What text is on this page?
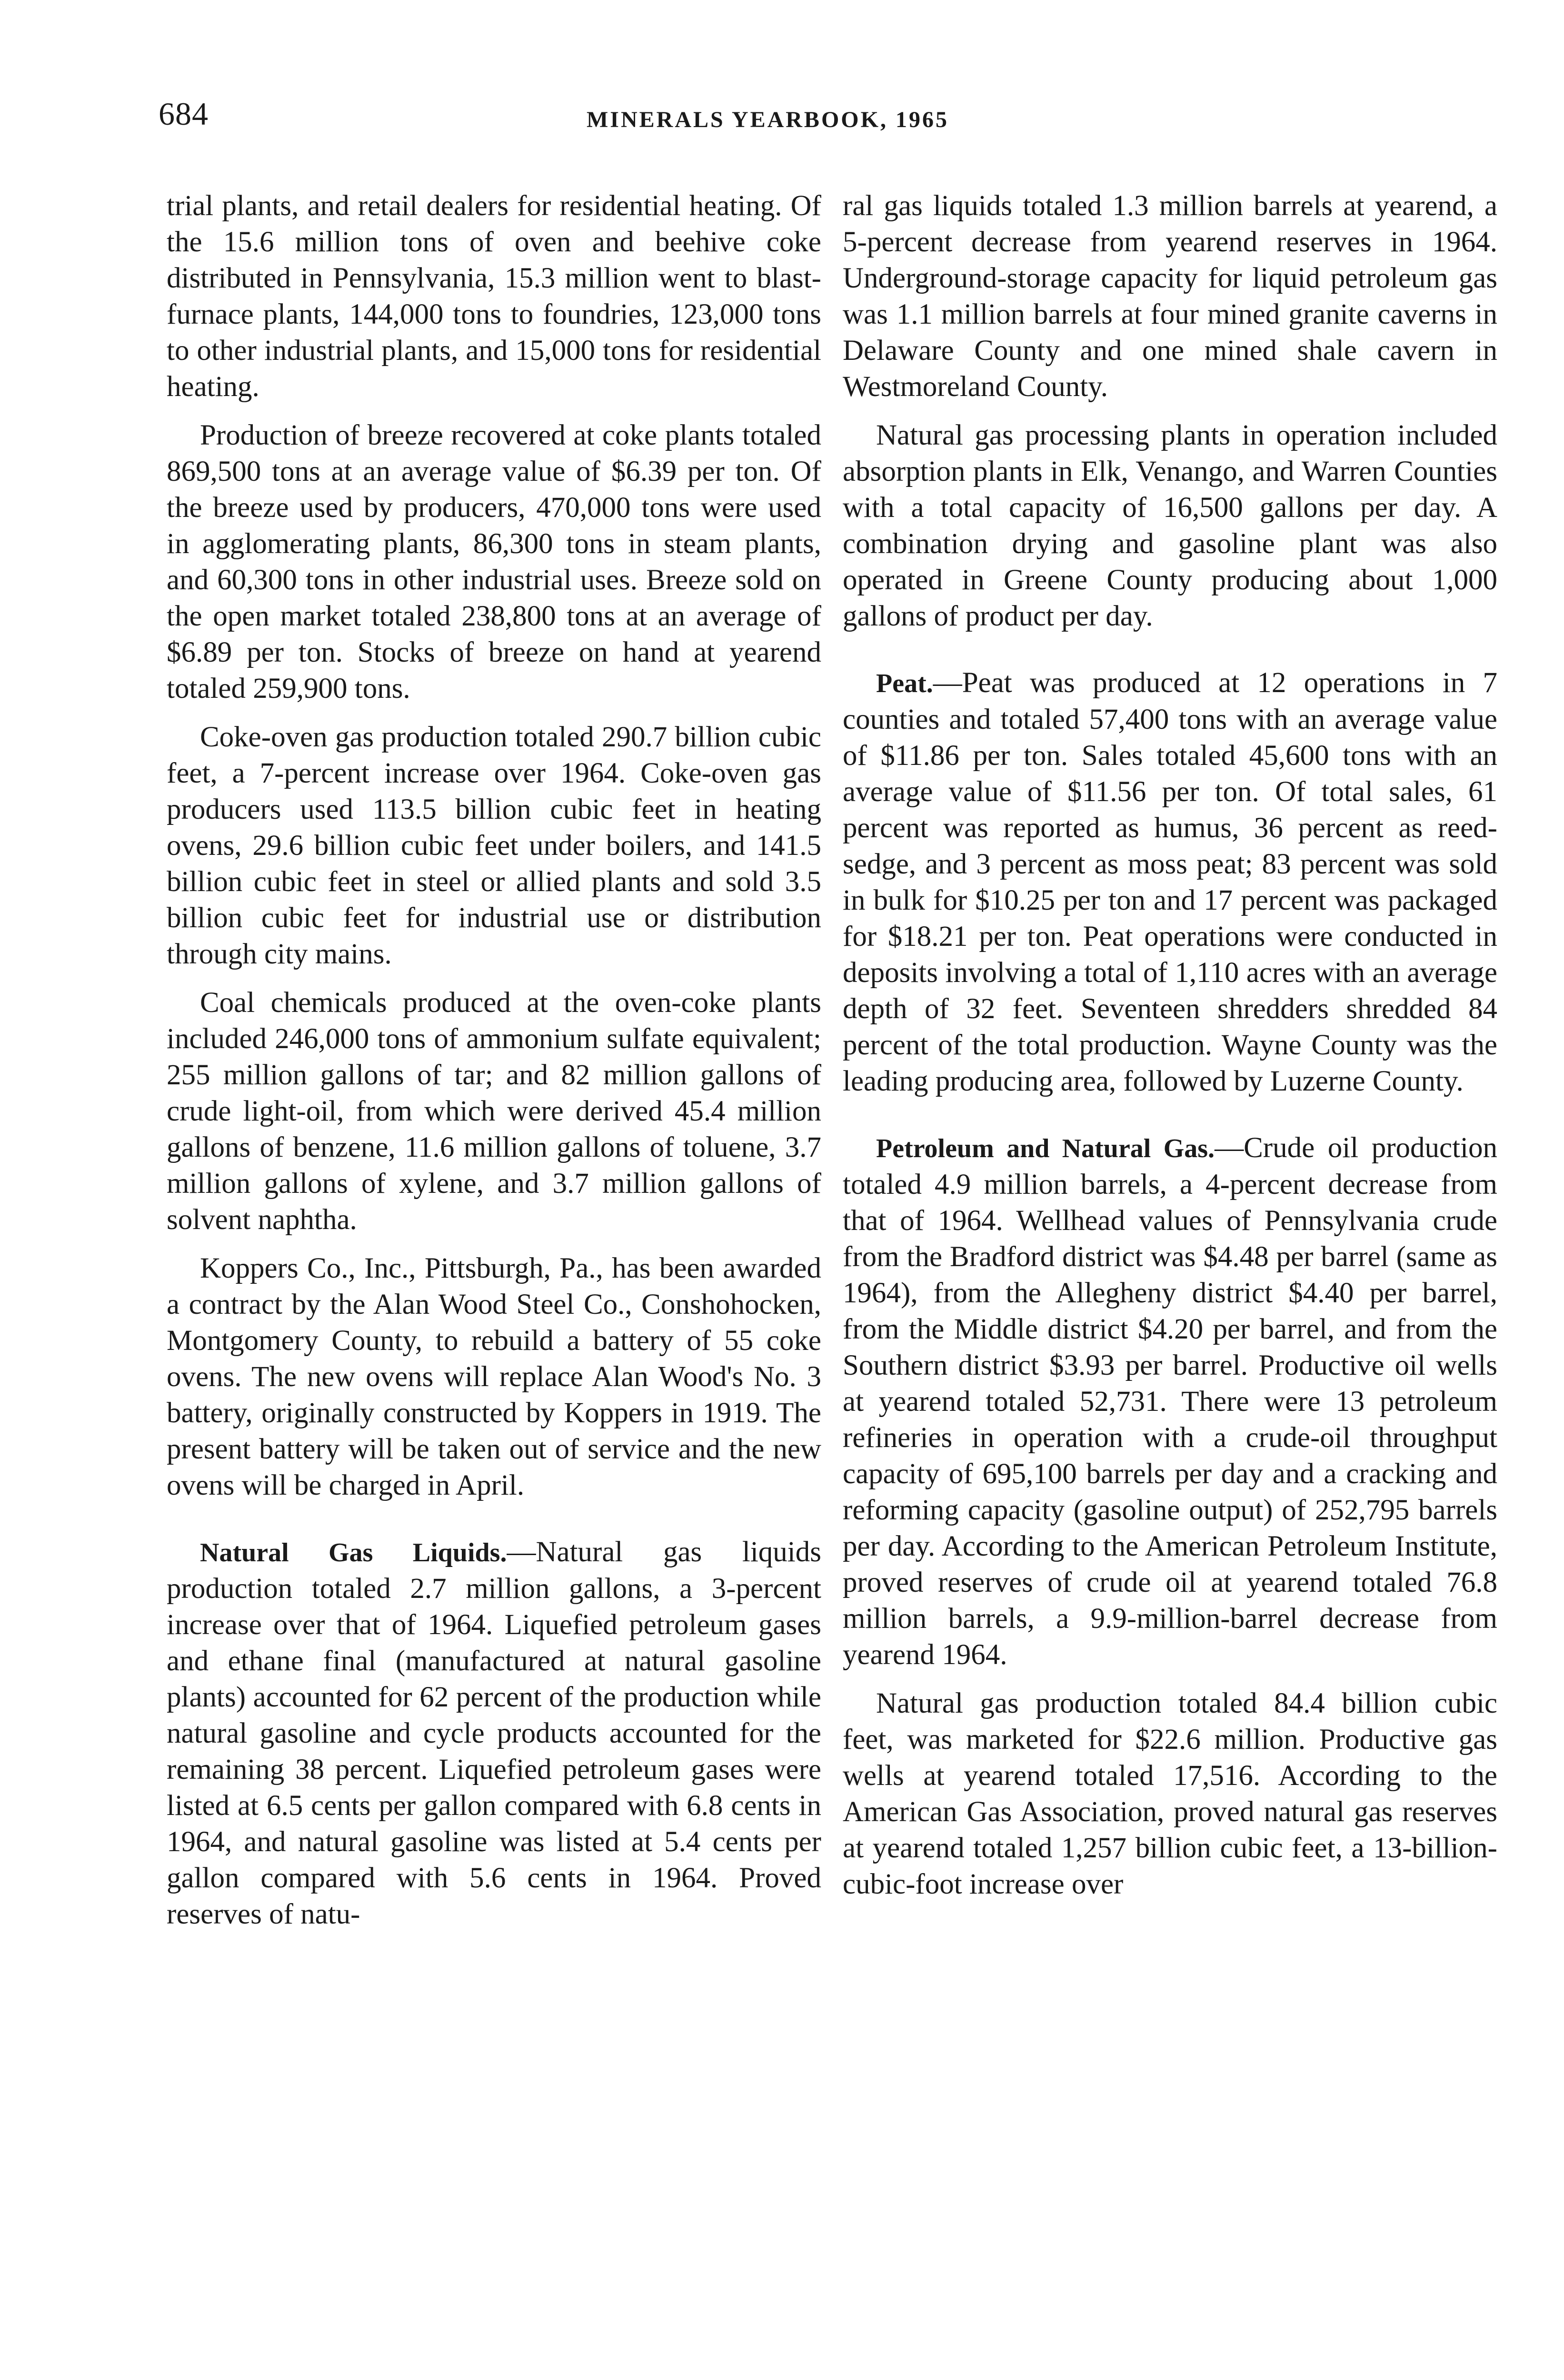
684	MINERALS YEARBOOK, 1965

trial plants, and retail dealers for residential heating. Of the 15.6 million tons of oven and beehive coke distributed in Pennsylvania, 15.3 million went to blast-furnace plants, 144,000 tons to foundries, 123,000 tons to other industrial plants, and 15,000 tons for residential heating.

Production of breeze recovered at coke plants totaled 869,500 tons at an average value of $6.39 per ton. Of the breeze used by producers, 470,000 tons were used in agglomerating plants, 86,300 tons in steam plants, and 60,300 tons in other industrial uses. Breeze sold on the open market totaled 238,800 tons at an average of $6.89 per ton. Stocks of breeze on hand at yearend totaled 259,900 tons.

Coke-oven gas production totaled 290.7 billion cubic feet, a 7-percent increase over 1964. Coke-oven gas producers used 113.5 billion cubic feet in heating ovens, 29.6 billion cubic feet under boilers, and 141.5 billion cubic feet in steel or allied plants and sold 3.5 billion cubic feet for industrial use or distribution through city mains.

Coal chemicals produced at the oven-coke plants included 246,000 tons of ammonium sulfate equivalent; 255 million gallons of tar; and 82 million gallons of crude light-oil, from which were derived 45.4 million gallons of benzene, 11.6 million gallons of toluene, 3.7 million gallons of xylene, and 3.7 million gallons of solvent naphtha.

Koppers Co., Inc., Pittsburgh, Pa., has been awarded a contract by the Alan Wood Steel Co., Conshohocken, Montgomery County, to rebuild a battery of 55 coke ovens. The new ovens will replace Alan Wood's No. 3 battery, originally constructed by Koppers in 1919. The present battery will be taken out of service and the new ovens will be charged in April.

Natural Gas Liquids.—Natural gas liquids production totaled 2.7 million gallons, a 3-percent increase over that of 1964. Liquefied petroleum gases and ethane final (manufactured at natural gasoline plants) accounted for 62 percent of the production while natural gasoline and cycle products accounted for the remaining 38 percent. Liquefied petroleum gases were listed at 6.5 cents per gallon compared with 6.8 cents in 1964, and natural gasoline was listed at 5.4 cents per gallon compared with 5.6 cents in 1964. Proved reserves of natu-

ral gas liquids totaled 1.3 million barrels at yearend, a 5-percent decrease from yearend reserves in 1964. Underground-storage capacity for liquid petroleum gas was 1.1 million barrels at four mined granite caverns in Delaware County and one mined shale cavern in Westmoreland County.

Natural gas processing plants in operation included absorption plants in Elk, Venango, and Warren Counties with a total capacity of 16,500 gallons per day. A combination drying and gasoline plant was also operated in Greene County producing about 1,000 gallons of product per day.

Peat.—Peat was produced at 12 operations in 7 counties and totaled 57,400 tons with an average value of $11.86 per ton. Sales totaled 45,600 tons with an average value of $11.56 per ton. Of total sales, 61 percent was reported as humus, 36 percent as reed-sedge, and 3 percent as moss peat; 83 percent was sold in bulk for $10.25 per ton and 17 percent was packaged for $18.21 per ton. Peat operations were conducted in deposits involving a total of 1,110 acres with an average depth of 32 feet. Seventeen shredders shredded 84 percent of the total production. Wayne County was the leading producing area, followed by Luzerne County.

Petroleum and Natural Gas.—Crude oil production totaled 4.9 million barrels, a 4-percent decrease from that of 1964. Wellhead values of Pennsylvania crude from the Bradford district was $4.48 per barrel (same as 1964), from the Allegheny district $4.40 per barrel, from the Middle district $4.20 per barrel, and from the Southern district $3.93 per barrel. Productive oil wells at yearend totaled 52,731. There were 13 petroleum refineries in operation with a crude-oil throughput capacity of 695,100 barrels per day and a cracking and reforming capacity (gasoline output) of 252,795 barrels per day. According to the American Petroleum Institute, proved reserves of crude oil at yearend totaled 76.8 million barrels, a 9.9-million-barrel decrease from yearend 1964.

Natural gas production totaled 84.4 billion cubic feet, was marketed for $22.6 million. Productive gas wells at yearend totaled 17,516. According to the American Gas Association, proved natural gas reserves at yearend totaled 1,257 billion cubic feet, a 13-billion-cubic-foot increase over
